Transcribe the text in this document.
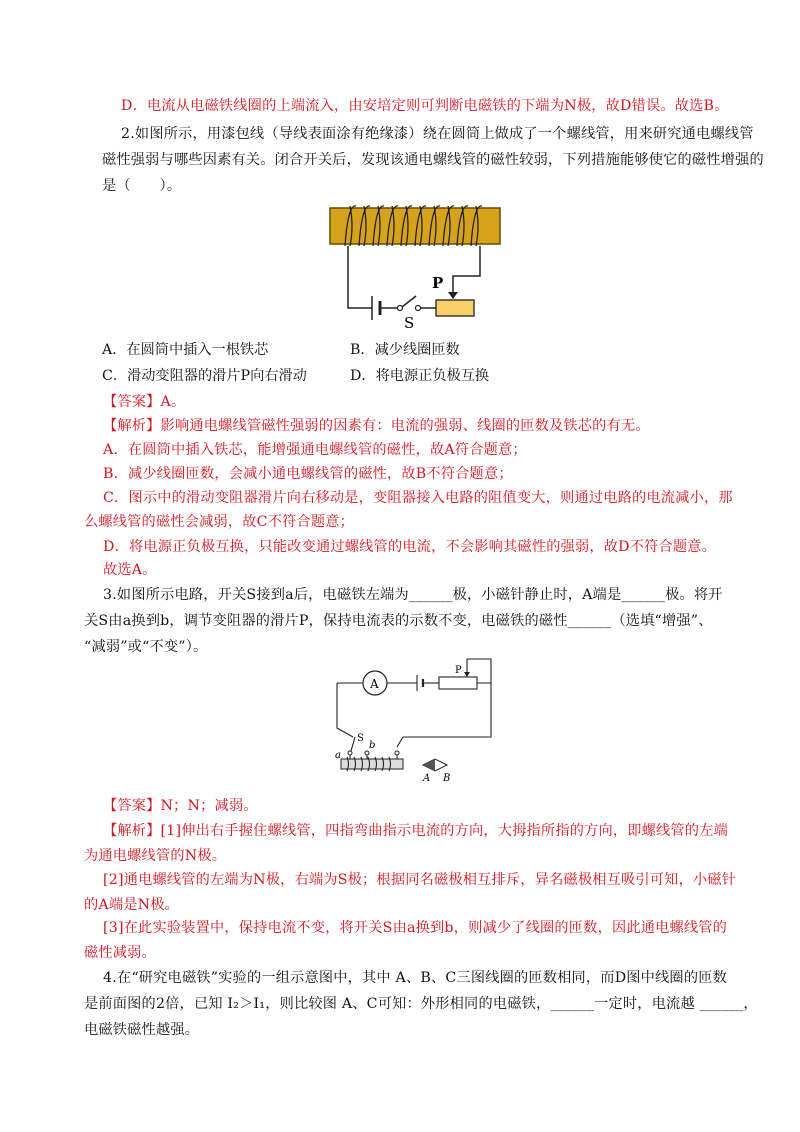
D．电流从电磁铁线圈的上端流入，由安培定则可判断电磁铁的下端为N极，故D错误。故选B。
2.如图所示，用漆包线（导线表面涂有绝缘漆）绕在圆筒上做成了一个螺线管，用来研究通电螺线管
磁性强弱与哪些因素有关。闭合开关后，发现该通电螺线管的磁性较弱，下列措施能够使它的磁性增强的
是（　　）。
P
S
A．在圆筒中插入一根铁芯	B．减少线圈匝数
C．滑动变阻器的滑片P向右滑动	D．将电源正负极互换
【答案】A。
【解析】影响通电螺线管磁性强弱的因素有：电流的强弱、线圈的匝数及铁芯的有无。
A．在圆筒中插入铁芯，能增强通电螺线管的磁性，故A符合题意；
B．减少线圈匝数，会减小通电螺线管的磁性，故B不符合题意；
C．图示中的滑动变阻器滑片向右移动是，变阻器接入电路的阻值变大，则通过电路的电流减小，那
么螺线管的磁性会减弱，故C不符合题意；
D．将电源正负极互换，只能改变通过螺线管的电流，不会影响其磁性的强弱，故D不符合题意。
故选A。
3.如图所示电路，开关S接到a后，电磁铁左端为______极，小磁针静止时，A端是______极。将开
关S由a换到b，调节变阻器的滑片P，保持电流表的示数不变，电磁铁的磁性______（选填“增强”、
“减弱”或“不变”）。
A
P
S
a
b
A B
【答案】N；N；减弱。
【解析】[1]伸出右手握住螺线管，四指弯曲指示电流的方向，大拇指所指的方向，即螺线管的左端
为通电螺线管的N极。
[2]通电螺线管的左端为N极，右端为S极；根据同名磁极相互排斥，异名磁极相互吸引可知，小磁针
的A端是N极。
[3]在此实验装置中，保持电流不变，将开关S由a换到b，则减少了线圈的匝数，因此通电螺线管的
磁性减弱。
4.在“研究电磁铁”实验的一组示意图中，其中 A、B、C三图线圈的匝数相同，而D图中线圈的匝数
是前面图的2倍，已知 I₂＞I₁，则比较图 A、C可知：外形相同的电磁铁，______一定时，电流越 ______，
电磁铁磁性越强。
